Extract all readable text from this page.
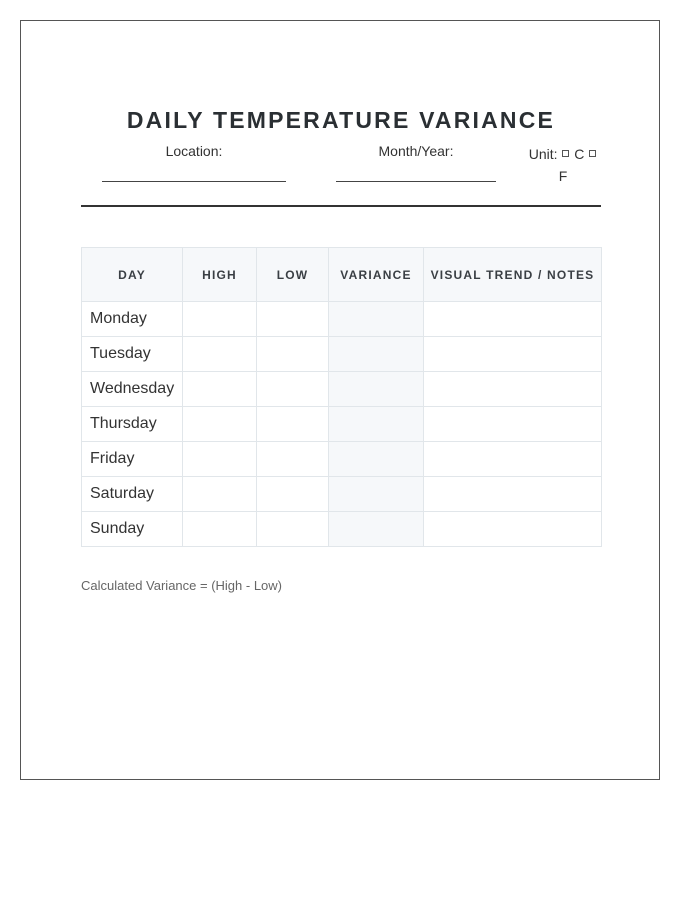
DAILY TEMPERATURE VARIANCE
Location:	Month/Year:	Unit: C
F
DAY	HIGH	LOW	VARIANCE	VISUAL TREND / NOTES
Monday				
Tuesday				
Wednesday				
Thursday				
Friday				
Saturday				
Sunday				
Calculated Variance = (High - Low)
